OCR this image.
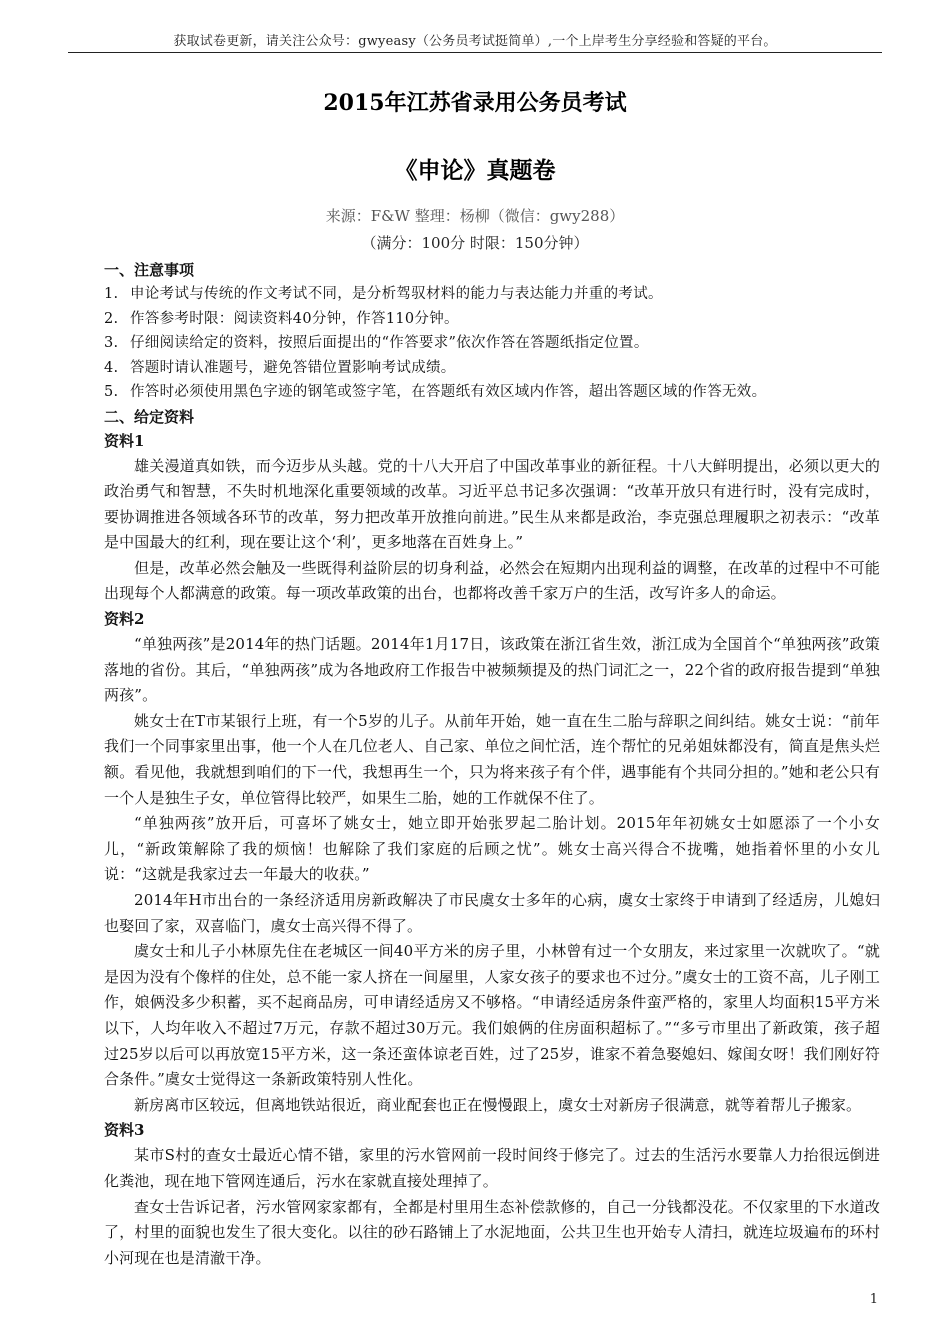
获取试卷更新，请关注公众号：gwyeasy（公务员考试挺简单）,一个上岸考生分享经验和答疑的平台。
2015年江苏省录用公务员考试
《申论》真题卷
来源：F&W 整理：杨柳（微信：gwy288）
（满分：100分 时限：150分钟）

一、注意事项

1. 申论考试与传统的作文考试不同，是分析驾驭材料的能力与表达能力并重的考试。

2. 作答参考时限：阅读资料40分钟，作答110分钟。

3. 仔细阅读给定的资料，按照后面提出的“作答要求”依次作答在答题纸指定位置。

4. 答题时请认准题号，避免答错位置影响考试成绩。

5. 作答时必须使用黑色字迹的钢笔或签字笔，在答题纸有效区域内作答，超出答题区域的作答无效。

二、给定资料

资料1

雄关漫道真如铁，而今迈步从头越。党的十八大开启了中国改革事业的新征程。十八大鲜明提出，必须以更大的政治勇气和智慧，不失时机地深化重要领域的改革。习近平总书记多次强调：“改革开放只有进行时，没有完成时，要协调推进各领域各环节的改革，努力把改革开放推向前进。”民生从来都是政治，李克强总理履职之初表示：“改革是中国最大的红利，现在要让这个‘利’，更多地落在百姓身上。”

但是，改革必然会触及一些既得利益阶层的切身利益，必然会在短期内出现利益的调整，在改革的过程中不可能出现每个人都满意的政策。每一项改革政策的出台，也都将改善千家万户的生活，改写许多人的命运。

资料2

“单独两孩”是2014年的热门话题。2014年1月17日，该政策在浙江省生效，浙江成为全国首个“单独两孩”政策落地的省份。其后，“单独两孩”成为各地政府工作报告中被频频提及的热门词汇之一，22个省的政府报告提到“单独两孩”。

姚女士在T市某银行上班，有一个5岁的儿子。从前年开始，她一直在生二胎与辞职之间纠结。姚女士说：“前年我们一个同事家里出事，他一个人在几位老人、自己家、单位之间忙活，连个帮忙的兄弟姐妹都没有，简直是焦头烂额。看见他，我就想到咱们的下一代，我想再生一个，只为将来孩子有个伴，遇事能有个共同分担的。”她和老公只有一个人是独生子女，单位管得比较严，如果生二胎，她的工作就保不住了。

“单独两孩”放开后，可喜坏了姚女士，她立即开始张罗起二胎计划。2015年年初姚女士如愿添了一个小女儿，“新政策解除了我的烦恼！也解除了我们家庭的后顾之忧”。姚女士高兴得合不拢嘴，她指着怀里的小女儿说：“这就是我家过去一年最大的收获。”

2014年H市出台的一条经济适用房新政解决了市民虞女士多年的心病，虞女士家终于申请到了经适房，儿媳妇也娶回了家，双喜临门，虞女士高兴得不得了。

虞女士和儿子小林原先住在老城区一间40平方米的房子里，小林曾有过一个女朋友，来过家里一次就吹了。“就是因为没有个像样的住处，总不能一家人挤在一间屋里，人家女孩子的要求也不过分。”虞女士的工资不高，儿子刚工作，娘俩没多少积蓄，买不起商品房，可申请经适房又不够格。“申请经适房条件蛮严格的，家里人均面积15平方米以下，人均年收入不超过7万元，存款不超过30万元。我们娘俩的住房面积超标了。”“多亏市里出了新政策，孩子超过25岁以后可以再放宽15平方米，这一条还蛮体谅老百姓，过了25岁，谁家不着急娶媳妇、嫁闺女呀！我们刚好符合条件。”虞女士觉得这一条新政策特别人性化。

新房离市区较远，但离地铁站很近，商业配套也正在慢慢跟上，虞女士对新房子很满意，就等着帮儿子搬家。

资料3

某市S村的查女士最近心情不错，家里的污水管网前一段时间终于修完了。过去的生活污水要靠人力抬很远倒进化粪池，现在地下管网连通后，污水在家就直接处理掉了。

查女士告诉记者，污水管网家家都有，全都是村里用生态补偿款修的，自己一分钱都没花。不仅家里的下水道改了，村里的面貌也发生了很大变化。以往的砂石路铺上了水泥地面，公共卫生也开始专人清扫，就连垃圾遍布的环村小河现在也是清澈干净。

1
